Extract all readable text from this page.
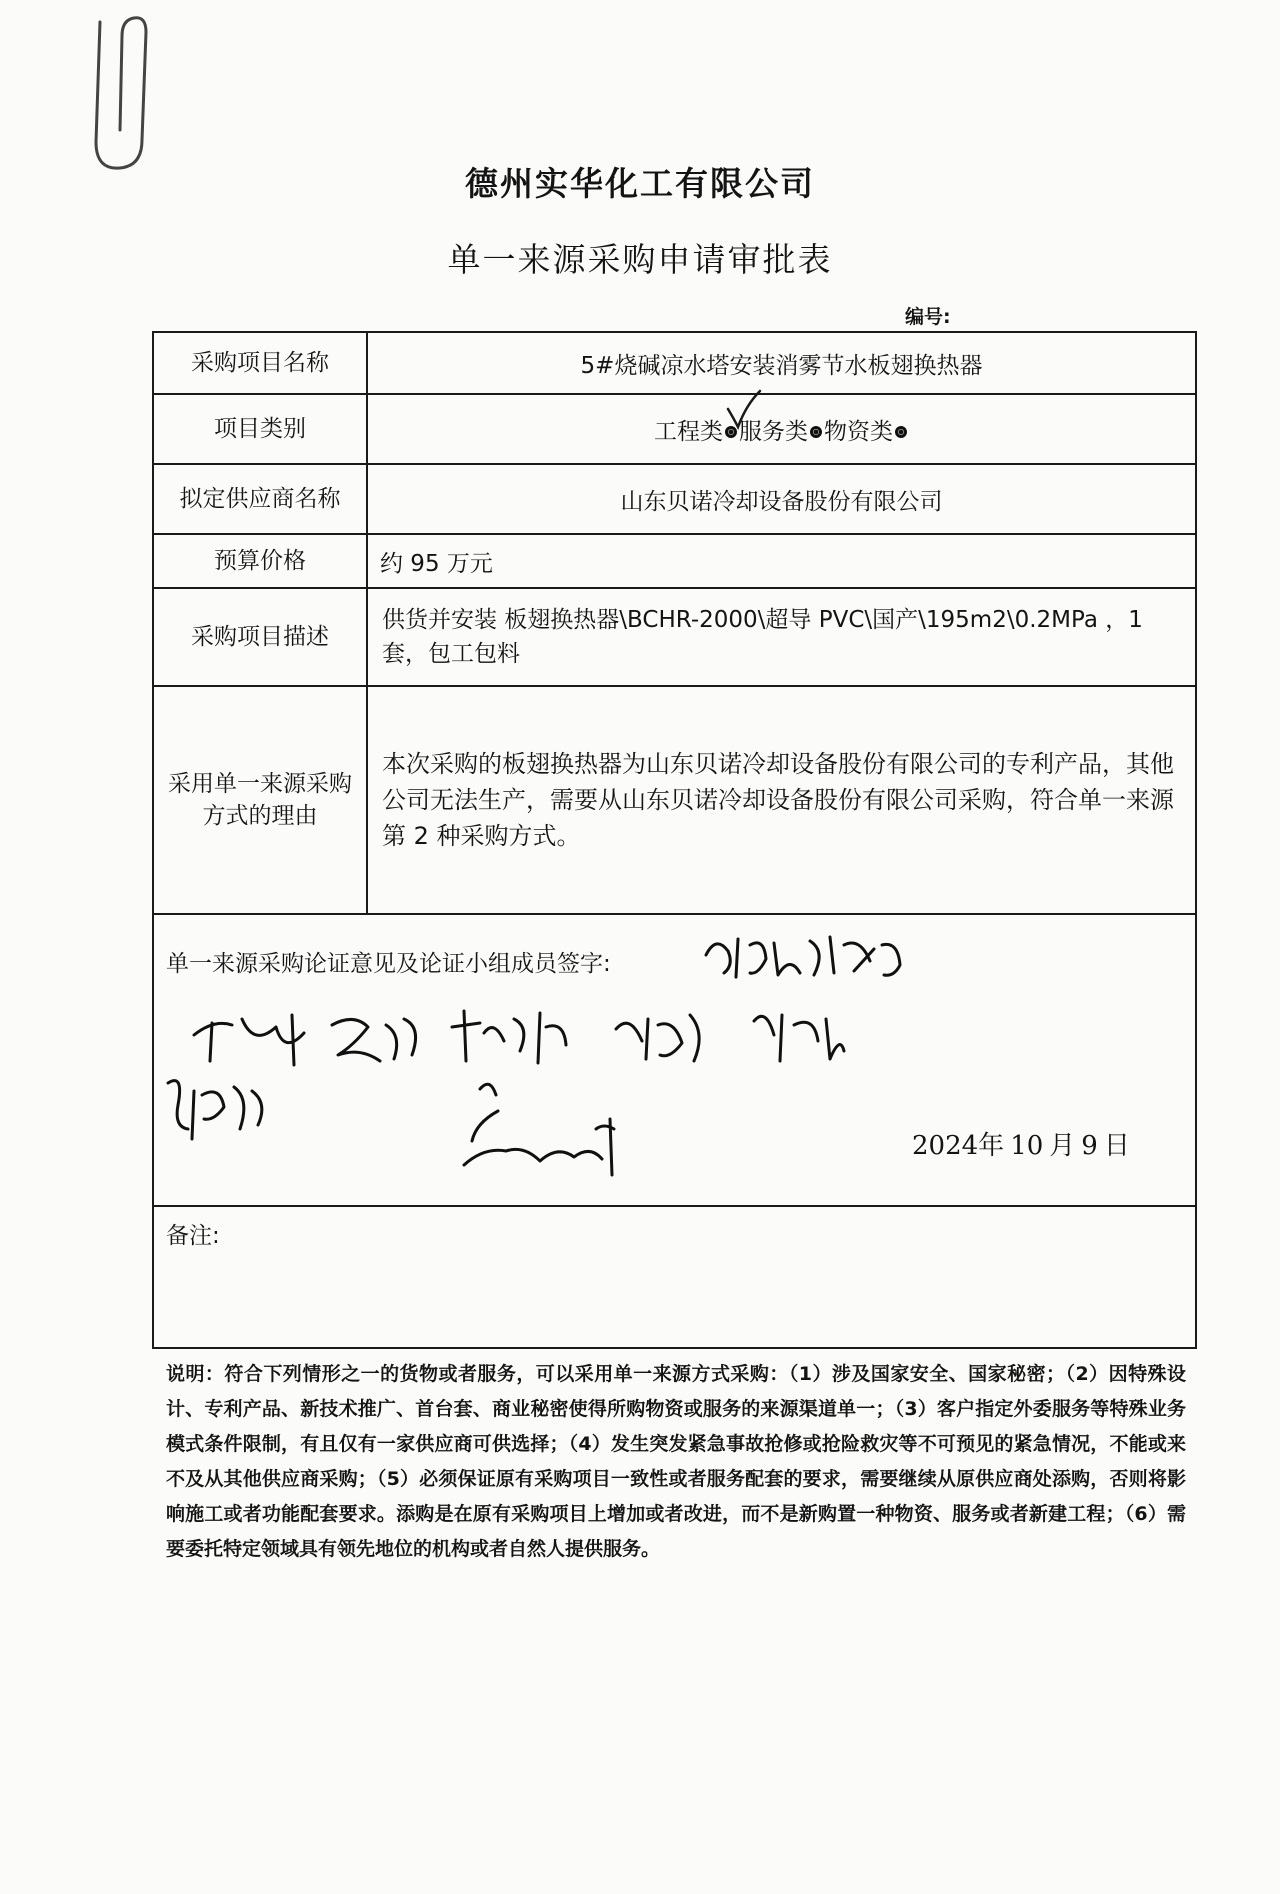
德州实华化工有限公司
单一来源采购申请审批表
编号:
采购项目名称	5#烧碱凉水塔安装消雾节水板翅换热器
项目类别	工程类 服务类 物资类
拟定供应商名称	山东贝诺冷却设备股份有限公司
预算价格	约 95 万元
采购项目描述	供货并安装 板翅换热器\BCHR-2000\超导 PVC\国产\195m2\0.2MPa ，1 套，包工包料
采用单一来源采购方式的理由	本次采购的板翅换热器为山东贝诺冷却设备股份有限公司的专利产品，其他公司无法生产，需要从山东贝诺冷却设备股份有限公司采购，符合单一来源第 2 种采购方式。

单一来源采购论证意见及论证小组成员签字:
2024年 10 月 9 日	

备注:	
说明：符合下列情形之一的货物或者服务，可以采用单一来源方式采购：（1）涉及国家安全、国家秘密；（2）因特殊设计、专利产品、新技术推广、首台套、商业秘密使得所购物资或服务的来源渠道单一；（3）客户指定外委服务等特殊业务模式条件限制，有且仅有一家供应商可供选择；（4）发生突发紧急事故抢修或抢险救灾等不可预见的紧急情况，不能或来不及从其他供应商采购；（5）必须保证原有采购项目一致性或者服务配套的要求，需要继续从原供应商处添购，否则将影响施工或者功能配套要求。添购是在原有采购项目上增加或者改进，而不是新购置一种物资、服务或者新建工程；（6）需要委托特定领域具有领先地位的机构或者自然人提供服务。
